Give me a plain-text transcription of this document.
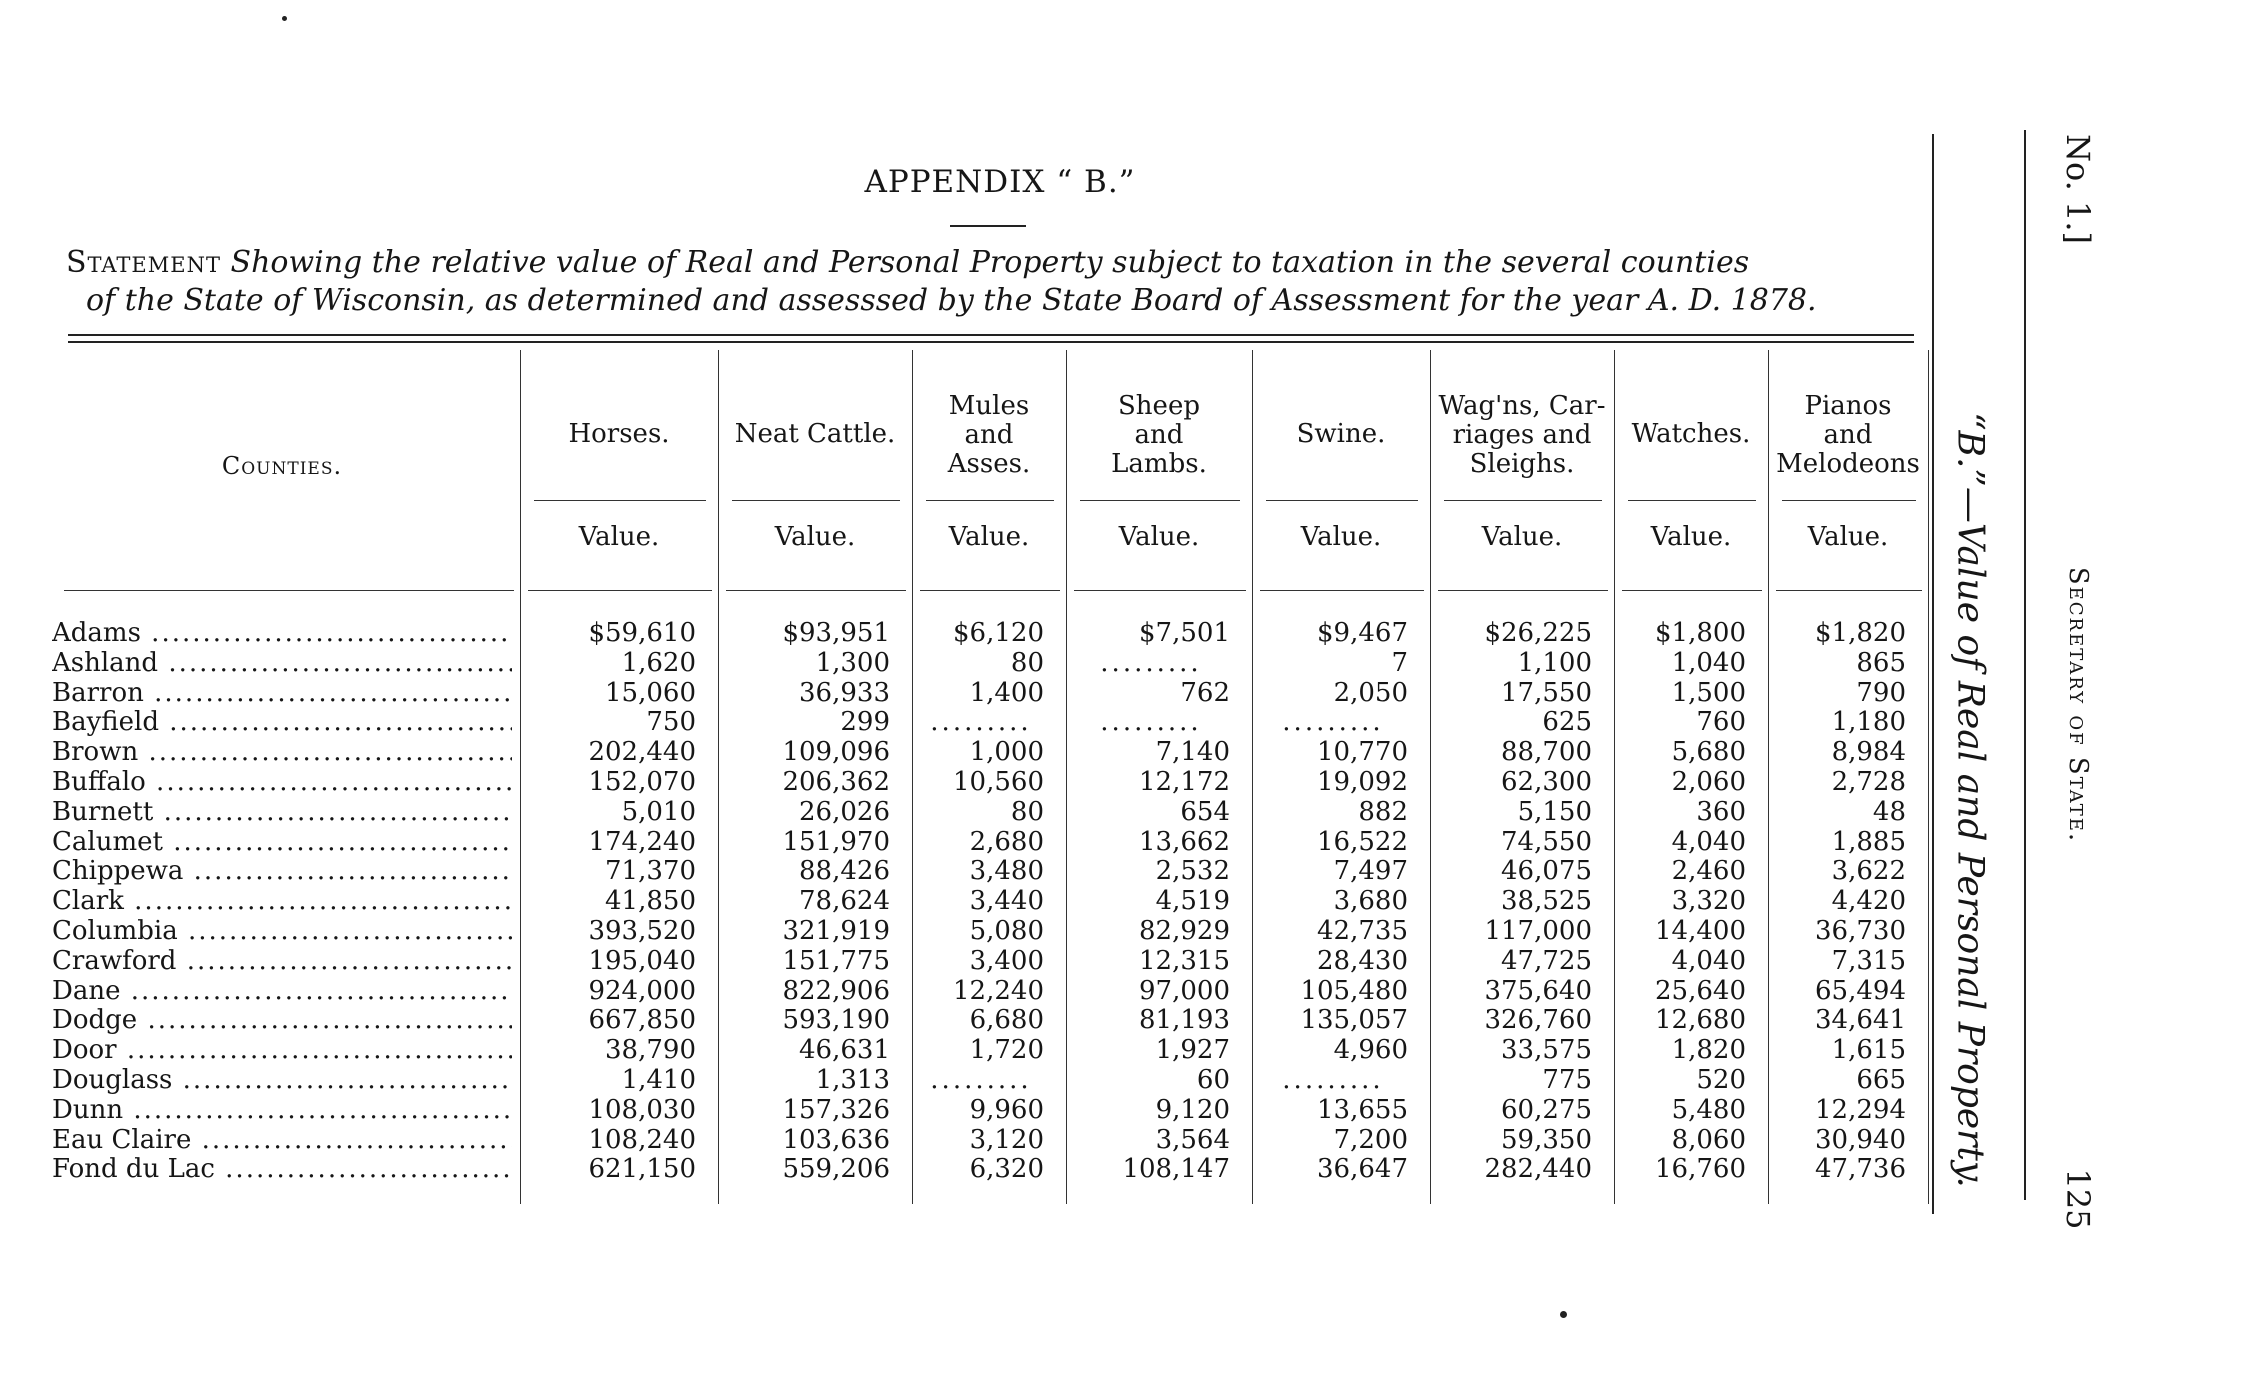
APPENDIX “ B.”
Statement Showing the relative value of Real and Personal Property subject to taxation in the several counties
of the State of Wisconsin, as determined and assesssed by the State Board of Assessment for the year A. D. 1878.
Counties.
Horses.
Value.
Neat Cattle.
Value.
Mules
and
Asses.
Value.
Sheep
and
Lambs.
Value.
Swine.
Value.
Wag'ns, Car-
riages and
Sleighs.
Value.
Watches.
Value.
Pianos
and
Melodeons
Value.
Adams .....	$59,610	$93,951	$6,120	$7,501	$9,467	$26,225	$1,800	$1,820
Ashland .....	1,620	1,300	80	.........	7	1,100	1,040	865
Barron .....	15,060	36,933	1,400	762	2,050	17,550	1,500	790
Bayfield .....	750	299	.........	.........	.........	625	760	1,180
Brown .....	202,440	109,096	1,000	7,140	10,770	88,700	5,680	8,984
Buffalo .....	152,070	206,362	10,560	12,172	19,092	62,300	2,060	2,728
Burnett .....	5,010	26,026	80	654	882	5,150	360	48
Calumet .....	174,240	151,970	2,680	13,662	16,522	74,550	4,040	1,885
Chippewa .....	71,370	88,426	3,480	2,532	7,497	46,075	2,460	3,622
Clark .....	41,850	78,624	3,440	4,519	3,680	38,525	3,320	4,420
Columbia .....	393,520	321,919	5,080	82,929	42,735	117,000	14,400	36,730
Crawford .....	195,040	151,775	3,400	12,315	28,430	47,725	4,040	7,315
Dane .....	924,000	822,906	12,240	97,000	105,480	375,640	25,640	65,494
Dodge .....	667,850	593,190	6,680	81,193	135,057	326,760	12,680	34,641
Door .....	38,790	46,631	1,720	1,927	4,960	33,575	1,820	1,615
Douglass .....	1,410	1,313	.........	60	.........	775	520	665
Dunn .....	108,030	157,326	9,960	9,120	13,655	60,275	5,480	12,294
Eau Claire .....	108,240	103,636	3,120	3,564	7,200	59,350	8,060	30,940
Fond du Lac .....	621,150	559,206	6,320	108,147	36,647	282,440	16,760	47,736 “B.”—Value of Real and Personal Property.
No. 1.]
Secretary of State.
125
